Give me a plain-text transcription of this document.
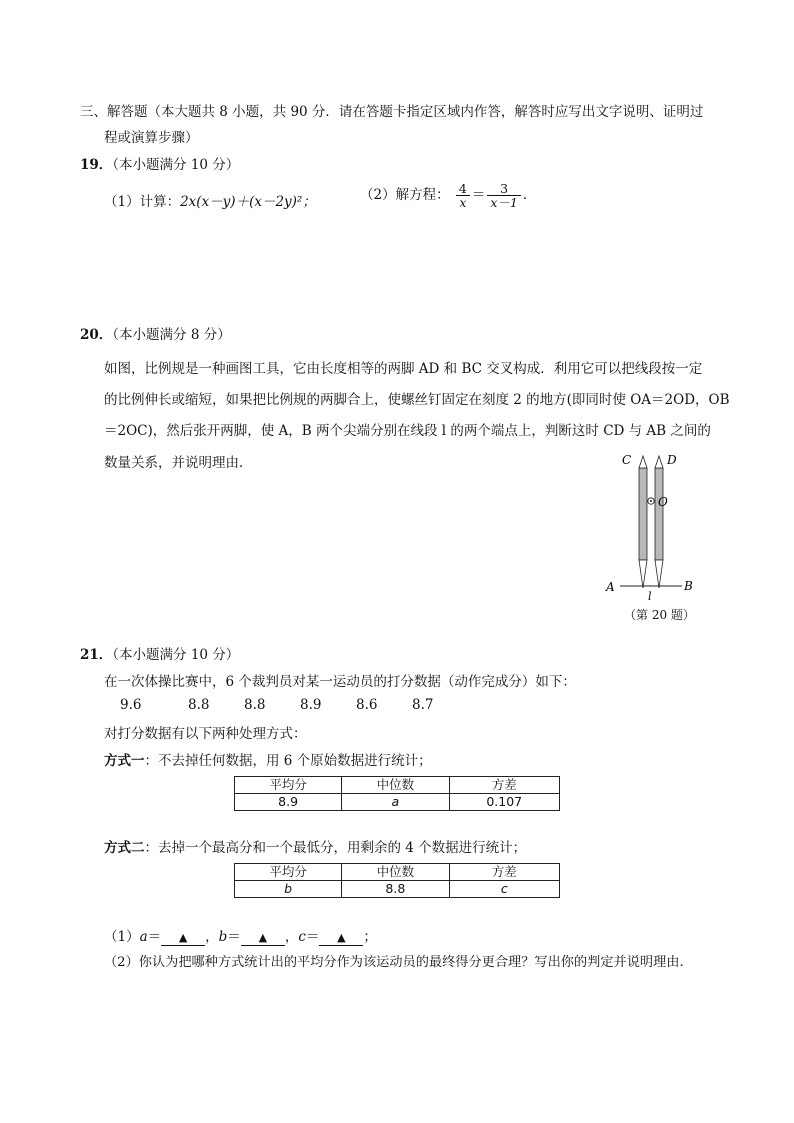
三、解答题（本大题共 8 小题，共 90 分．请在答题卡指定区域内作答，解答时应写出文字说明、证明过
程或演算步骤）
19．（本小题满分 10 分）
（1）计算：2x(x－y)＋(x－2y)²；	（2）解方程： $\frac{4}{x} = \frac{3}{x-1}$ ．
20．（本小题满分 8 分）
如图，比例规是一种画图工具，它由长度相等的两脚 AD 和 BC 交叉构成．利用它可以把线段按一定
的比例伸长或缩短，如果把比例规的两脚合上，使螺丝钉固定在刻度 2 的地方(即同时使 OA＝2OD，OB
＝2OC)，然后张开两脚，使 A，B 两个尖端分别在线段 l 的两个端点上，判断这时 CD 与 AB 之间的
数量关系，并说明理由．	C	D
O
A	B
l
（第 20 题）
21．（本小题满分 10 分）
在一次体操比赛中，6 个裁判员对某一运动员的打分数据（动作完成分）如下：
9.6	8.8	8.8	8.9	8.6	8.7
对打分数据有以下两种处理方式：
方式一：不去掉任何数据，用 6 个原始数据进行统计；
平均分	中位数	方差
8.9	a	0.107
方式二：去掉一个最高分和一个最低分，用剩余的 4 个数据进行统计；
平均分	中位数	方差
b	8.8	c
（1）a＝ ▲ ，b＝ ▲ ，c＝ ▲ ；
（2）你认为把哪种方式统计出的平均分作为该运动员的最终得分更合理？写出你的判定并说明理由.
